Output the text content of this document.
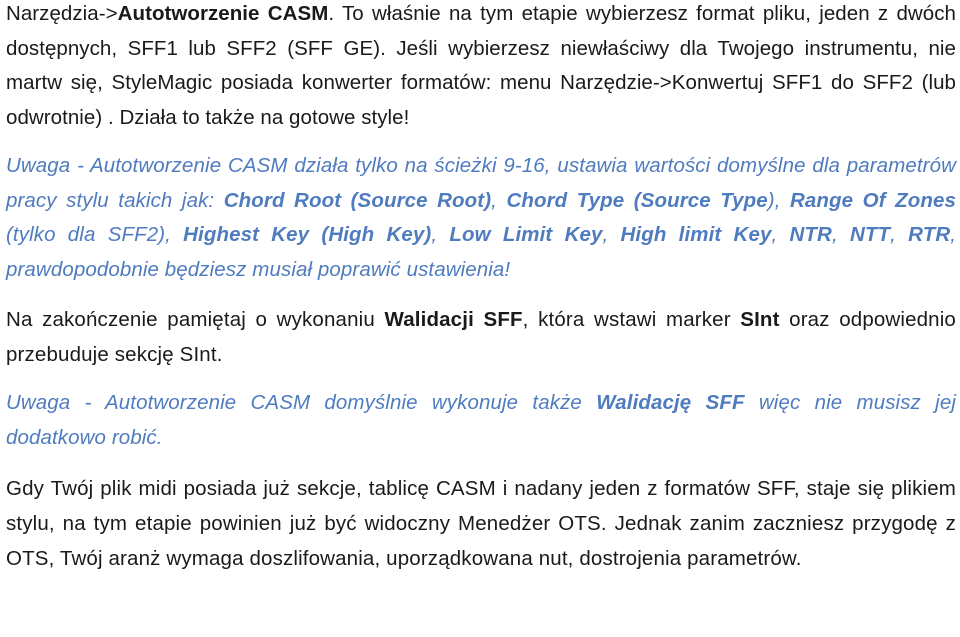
Narzędzia->Autotworzenie CASM. To właśnie na tym etapie wybierzesz format pliku, jeden z dwóch dostępnych, SFF1 lub SFF2 (SFF GE). Jeśli wybierzesz niewłaściwy dla Twojego instrumentu, nie martw się, StyleMagic posiada konwerter formatów: menu Narzędzie->Konwertuj SFF1 do SFF2 (lub odwrotnie) . Działa to także na gotowe style!

Uwaga - Autotworzenie CASM działa tylko na ścieżki 9-16, ustawia wartości domyślne dla parametrów pracy stylu takich jak: Chord Root (Source Root), Chord Type (Source Type), Range Of Zones (tylko dla SFF2), Highest Key (High Key), Low Limit Key, High limit Key, NTR, NTT, RTR, prawdopodobnie będziesz musiał poprawić ustawienia!

Na zakończenie pamiętaj o wykonaniu Walidacji SFF, która wstawi marker SInt oraz odpowiednio przebuduje sekcję SInt.

Uwaga - Autotworzenie CASM domyślnie wykonuje także Walidację SFF więc nie musisz jej dodatkowo robić.

Gdy Twój plik midi posiada już sekcje, tablicę CASM i nadany jeden z formatów SFF, staje się plikiem stylu, na tym etapie powinien już być widoczny Menedżer OTS. Jednak zanim zaczniesz przygodę z OTS, Twój aranż wymaga doszlifowania, uporządkowana nut, dostrojenia parametrów.
